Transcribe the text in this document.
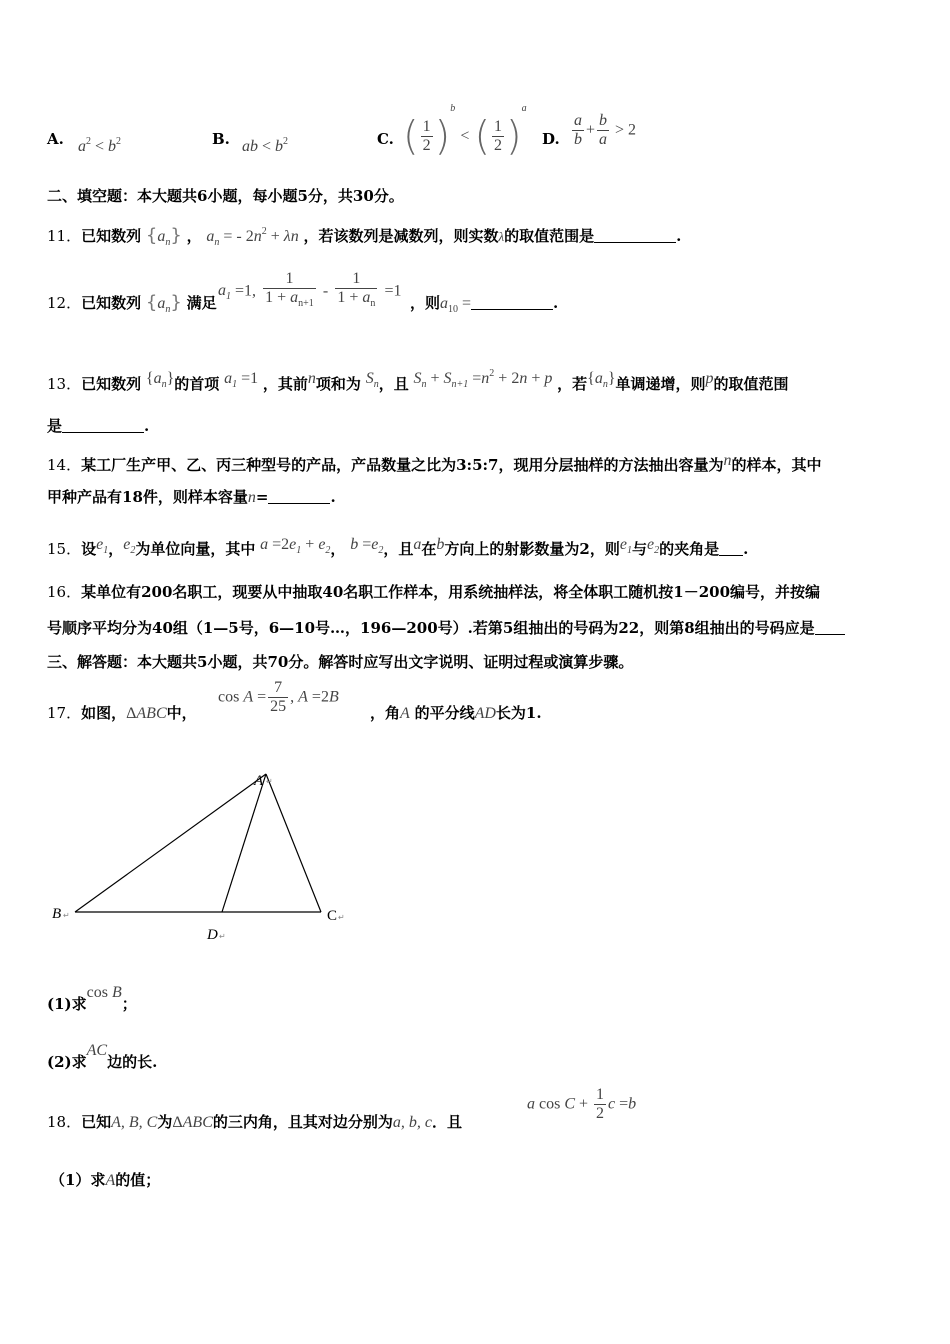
A. $a^2 < b^2$	B. ab < $b^2$	C. ( $\frac{1}{2} )^b$ < ( $\frac{1}{2} )^a$
D. $\frac{a}{b} + \frac{b}{a} > 2$
二、填空题：本大题共6小题，每小题5分，共30分。
11．已知数列 $\{a_n\}$ ， $a_n$ = - $2n^2 + \lambda n$ ，若该数列是减数列，则实数λ的取值范围是	.
12．已知数列 $\{a_n\}$ 满足
$a_1 =1$, $\frac{1}{1 + a_{n+1}} - \frac{1}{1 + a_n} =1$
，则$a_{10}$ =	.
13．已知数列 $\{a_n\}$的首项 $a_1 =1$ ，其前n项和为 $S_n$，且 $S_n + S_{n+1} =n^2 + 2n + p$ ，若$\{a_n\}$单调递增，则p的取值范围
是	.
14．某工厂生产甲、乙、丙三种型号的产品，产品数量之比为3:5:7，现用分层抽样的方法抽出容量为n的样本，其中
甲种产品有18件，则样本容量n=	.
15．设$e_1$，$e_2$为单位向量，其中 $a =2e_1 + e_2$， $b =e_2$，且a在b方向上的射影数量为2，则$e_1$与$e_2$的夹角是 .
16．某单位有200名职工，现要从中抽取40名职工作样本，用系统抽样法，将全体职工随机按1－200编号，并按编
号顺序平均分为40组（1—5号，6—10号…，196—200号）.若第5组抽出的号码为22，则第8组抽出的号码应是
三、解答题：本大题共5小题，共70分。解答时应写出文字说明、证明过程或演算步骤。
17．如图，ΔABC中，
$\cos A = \frac{7}{25}$ , A =2B
，角A 的平分线AD长为1.
A ↵
B ↵	C ↵
D ↵
(1)求cos B；
(2)求AC边的长.
18．已知A, B, C为ΔABC的三内角，且其对边分别为a, b, c．且
a $\cos C + \frac{1}{2}$ c =b
（1）求A的值；
